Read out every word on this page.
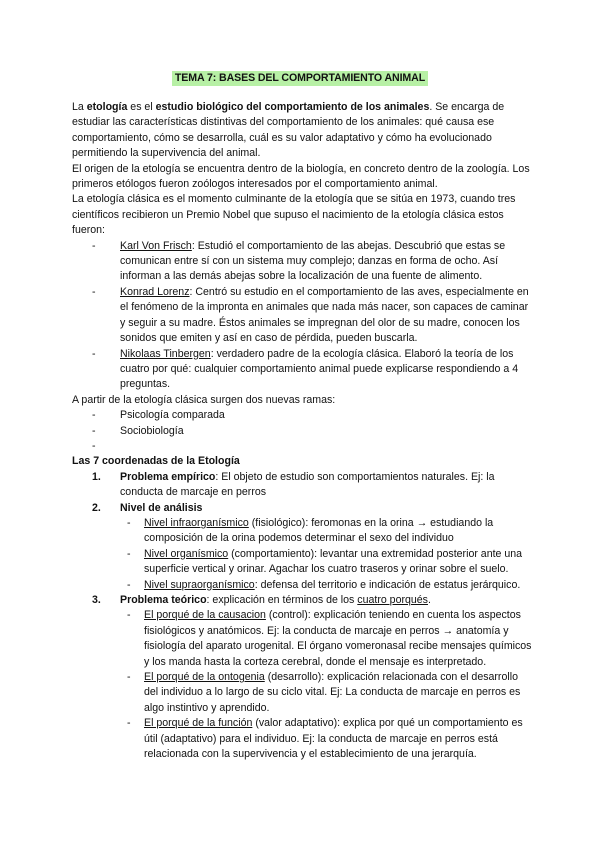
TEMA 7: BASES DEL COMPORTAMIENTO ANIMAL

La etología es el estudio biológico del comportamiento de los animales. Se encarga de estudiar las características distintivas del comportamiento de los animales: qué causa ese comportamiento, cómo se desarrolla, cuál es su valor adaptativo y cómo ha evolucionado permitiendo la supervivencia del animal.

El origen de la etología se encuentra dentro de la biología, en concreto dentro de la zoología. Los primeros etólogos fueron zoólogos interesados por el comportamiento animal.

La etología clásica es el momento culminante de la etología que se sitúa en 1973, cuando tres científicos recibieron un Premio Nobel que supuso el nacimiento de la etología clásica estos fueron:

- Karl Von Frisch: Estudió el comportamiento de las abejas. Descubrió que estas se comunican entre sí con un sistema muy complejo; danzas en forma de ocho. Así informan a las demás abejas sobre la localización de una fuente de alimento.
- Konrad Lorenz: Centró su estudio en el comportamiento de las aves, especialmente en el fenómeno de la impronta en animales que nada más nacer, son capaces de caminar y seguir a su madre. Éstos animales se impregnan del olor de su madre, conocen los sonidos que emiten y así en caso de pérdida, pueden buscarla.
- Nikolaas Tinbergen: verdadero padre de la ecología clásica. Elaboró la teoría de los cuatro por qué: cualquier comportamiento animal puede explicarse respondiendo a 4 preguntas.

A partir de la etología clásica surgen dos nuevas ramas:

- Psicología comparada
- Sociobiología
-

Las 7 coordenadas de la Etología

1. Problema empírico: El objeto de estudio son comportamientos naturales. Ej: la conducta de marcaje en perros
2. Nivel de análisis
- Nivel infraorganísmico (fisiológico): feromonas en la orina → estudiando la composición de la orina podemos determinar el sexo del individuo
- Nivel organísmico (comportamiento): levantar una extremidad posterior ante una superficie vertical y orinar. Agachar los cuatro traseros y orinar sobre el suelo.
- Nivel supraorganísmico: defensa del territorio e indicación de estatus jerárquico.
3. Problema teórico: explicación en términos de los cuatro porqués.
- El porqué de la causacion (control): explicación teniendo en cuenta los aspectos fisiológicos y anatómicos. Ej: la conducta de marcaje en perros → anatomía y fisiología del aparato urogenital. El órgano vomeronasal recibe mensajes químicos y los manda hasta la corteza cerebral, donde el mensaje es interpretado.
- El porqué de la ontogenia (desarrollo): explicación relacionada con el desarrollo del individuo a lo largo de su ciclo vital. Ej: La conducta de marcaje en perros es algo instintivo y aprendido.
- El porqué de la función (valor adaptativo): explica por qué un comportamiento es útil (adaptativo) para el individuo. Ej: la conducta de marcaje en perros está relacionada con la supervivencia y el establecimiento de una jerarquía.
